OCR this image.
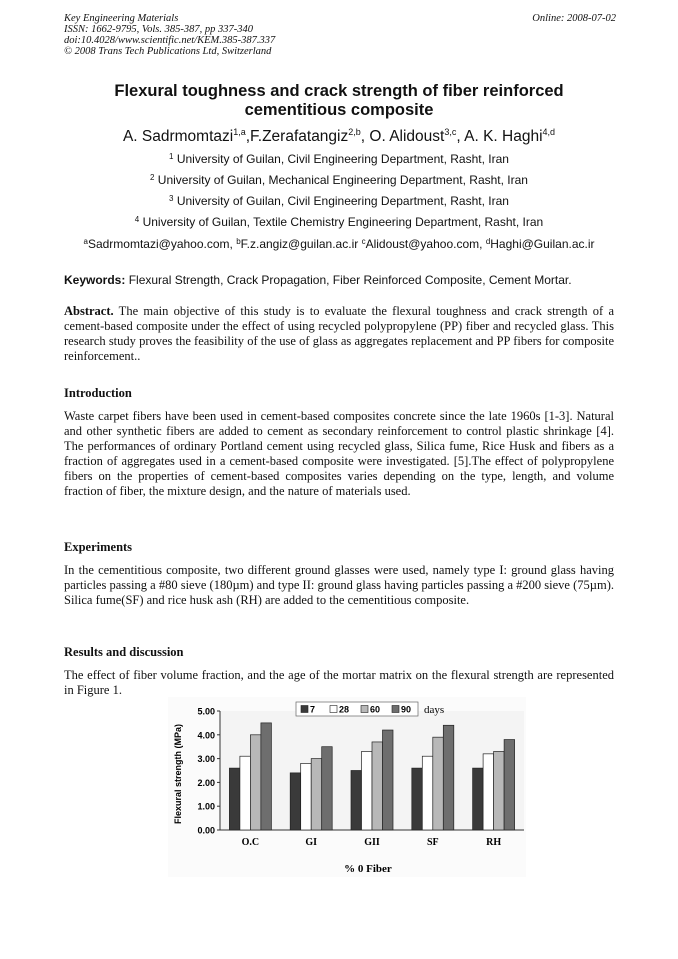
Key Engineering Materials
ISSN: 1662-9795, Vols. 385-387, pp 337-340
doi:10.4028/www.scientific.net/KEM.385-387.337
© 2008 Trans Tech Publications Ltd, Switzerland
Online: 2008-07-02
Flexural toughness and crack strength of fiber reinforced
cementitious composite
A. Sadrmomtazi$^{1,a}$,F.Zerafatangiz$^{2,b}$, O. Alidoust$^{3,c}$, A. K. Haghi$^{4,d}$
$^1$ University of Guilan, Civil Engineering Department, Rasht, Iran
$^2$ University of Guilan, Mechanical Engineering Department, Rasht, Iran
$^3$ University of Guilan, Civil Engineering Department, Rasht, Iran
$^4$ University of Guilan, Textile Chemistry Engineering Department, Rasht, Iran
$^a$Sadrmomtazi@yahoo.com, $^b$F.z.angiz@guilan.ac.ir $^c$Alidoust@yahoo.com, $^d$Haghi@Guilan.ac.ir
Keywords: Flexural Strength, Crack Propagation, Fiber Reinforced Composite, Cement Mortar.
Abstract. The main objective of this study is to evaluate the flexural toughness and crack strength of a cement-based composite under the effect of using recycled polypropylene (PP) fiber and recycled glass. This research study proves the feasibility of the use of glass as aggregates replacement and PP fibers for composite reinforcement..
Introduction
Waste carpet fibers have been used in cement-based composites concrete since the late 1960s [1-3]. Natural and other synthetic fibers are added to cement as secondary reinforcement to control plastic shrinkage [4]. The performances of ordinary Portland cement using recycled glass, Silica fume, Rice Husk and fibers as a fraction of aggregates used in a cement-based composite were investigated. [5].The effect of polypropylene fibers on the properties of cement-based composites varies depending on the type, length, and volume fraction of fiber, the mixture design, and the nature of materials used.
Experiments
In the cementitious composite, two different ground glasses were used, namely type I: ground glass having particles passing a #80 sieve (180µm) and type II: ground glass having particles passing a #200 sieve (75µm). Silica fume(SF) and rice husk ash (RH) are added to the cementitious composite.
Results and discussion
The effect of fiber volume fraction, and the age of the mortar matrix on the flexural strength are represented in Figure 1.
0.00
1.00
2.00
3.00
4.00
5.00
O.C	GI	GII	SF	RH
7	28 60 90
Flexural strength (MPa)
% 0 Fiber
days
